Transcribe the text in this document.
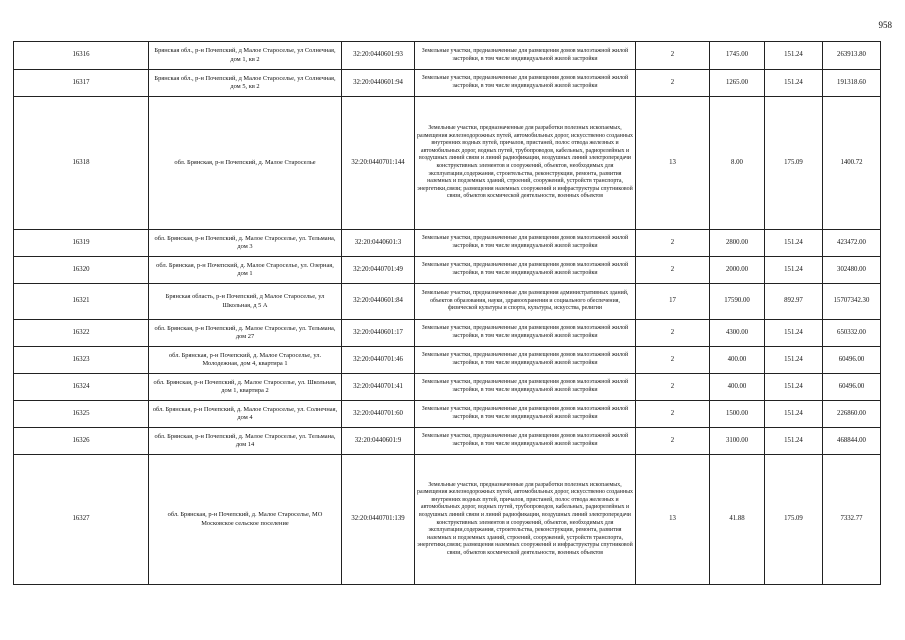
958
16316	Брянская обл., р-н Почепский, д Малое Староселье, ул Солнечная, дом 1, кв 2	32:20:0440601:93	Земельные участки, предназначенные для размещения домов малоэтажной жилой застройки, в том числе индивидуальной жилой застройки	2	1745.00	151.24	263913.80
16317	Брянская обл., р-н Почепский, д Малое Староселье, ул Солнечная, дом 5, кв 2	32:20:0440601:94	Земельные участки, предназначенные для размещения домов малоэтажной жилой застройки, в том числе индивидуальной жилой застройки	2	1265.00	151.24	191318.60
16318	обл. Брянская, р-н Почепский, д. Малое Староселье	32:20:0440701:144	Земельные участки, предназначенные для разработки полезных ископаемых, размещения железнодорожных путей, автомобильных дорог, искусственно созданных внутренних водных путей, причалов, пристаней, полос отвода железных и автомобильных дорог, водных путей, трубопроводов, кабельных, радиорелейных и воздушных линий связи и линий радиофикации, воздушных линий электропередачи конструктивных элементов и сооружений, объектов, необходимых для эксплуатации,содержания, строительства, реконструкции, ремонта, развития наземных и подземных зданий, строений, сооружений, устройств транспорта, энергетики,связи; размещения наземных сооружений и инфраструктуры спутниковой связи, объектов космической деятельности, военных объектов	13	8.00	175.09	1400.72
16319	обл. Брянская, р-н Почепский, д. Малое Староселье, ул. Тельмана, дом 3	32:20:0440601:3	Земельные участки, предназначенные для размещения домов малоэтажной жилой застройки, в том числе индивидуальной жилой застройки	2	2800.00	151.24	423472.00
16320	обл. Брянская, р-н Почепский, д. Малое Староселье, ул. Озерная, дом 1	32:20:0440701:49	Земельные участки, предназначенные для размещения домов малоэтажной жилой застройки, в том числе индивидуальной жилой застройки	2	2000.00	151.24	302480.00
16321	Брянская область, р-н Почепский, д Малое Староселье, ул Школьная, д 5 А	32:20:0440601:84	Земельные участки, предназначенные для размещения административных зданий, объектов образования, науки, здравоохранения и социального обеспечения, физической культуры и спорта, культуры, искусства, религии	17	17590.00	892.97	15707342.30
16322	обл. Брянская, р-н Почепский, д. Малое Староселье, ул. Тельмана, дом 27	32:20:0440601:17	Земельные участки, предназначенные для размещения домов малоэтажной жилой застройки, в том числе индивидуальной жилой застройки	2	4300.00	151.24	650332.00
16323	обл. Брянская, р-н Почепский, д. Малое Староселье, ул. Молодежная, дом 4, квартира 1	32:20:0440701:46	Земельные участки, предназначенные для размещения домов малоэтажной жилой застройки, в том числе индивидуальной жилой застройки	2	400.00	151.24	60496.00
16324	обл. Брянская, р-н Почепский, д. Малое Староселье, ул. Школьная, дом 1, квартира 2	32:20:0440701:41	Земельные участки, предназначенные для размещения домов малоэтажной жилой застройки, в том числе индивидуальной жилой застройки	2	400.00	151.24	60496.00
16325	обл. Брянская, р-н Почепский, д. Малое Староселье, ул. Солнечная, дом 4	32:20:0440701:60	Земельные участки, предназначенные для размещения домов малоэтажной жилой застройки, в том числе индивидуальной жилой застройки	2	1500.00	151.24	226860.00
16326	обл. Брянская, р-н Почепский, д. Малое Староселье, ул. Тельмана, дом 14	32:20:0440601:9	Земельные участки, предназначенные для размещения домов малоэтажной жилой застройки, в том числе индивидуальной жилой застройки	2	3100.00	151.24	468844.00
16327	обл. Брянская, р-н Почепский, д. Малое Староселье, МО Московское сельское поселение	32:20:0440701:139	Земельные участки, предназначенные для разработки полезных ископаемых, размещения железнодорожных путей, автомобильных дорог, искусственно созданных внутренних водных путей, причалов, пристаней, полос отвода железных и автомобильных дорог, водных путей, трубопроводов, кабельных, радиорелейных и воздушных линий связи и линий радиофикации, воздушных линий электропередачи конструктивных элементов и сооружений, объектов, необходимых для эксплуатации,содержания, строительства, реконструкции, ремонта, развития наземных и подземных зданий, строений, сооружений, устройств транспорта, энергетики,связи; размещения наземных сооружений и инфраструктуры спутниковой связи, объектов космической деятельности, военных объектов	13	41.88	175.09	7332.77
